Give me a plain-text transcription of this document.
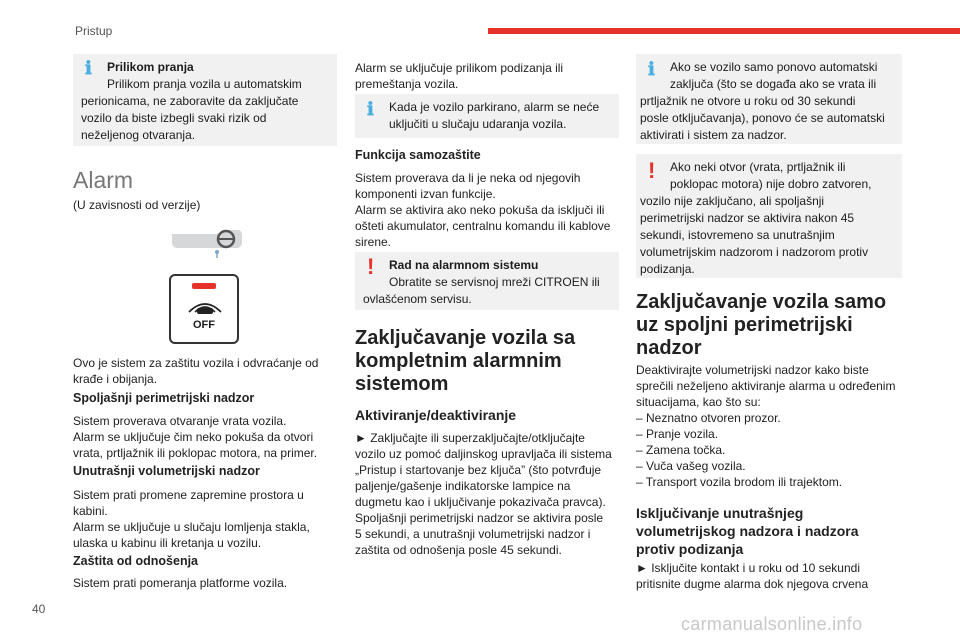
Pristup
40
carmanualsonline.info
ℹ Prilikom pranja
Prilikom pranja vozila u automatskim
perionicama, ne zaboravite da zaključate
vozilo da biste izbegli svaki rizik od
neželjenog otvaranja.
Alarm
(U zavisnosti od verzije)
OFF
Ovo je sistem za zaštitu vozila i odvraćanje od
krađe i obijanja.
Spoljašnji perimetrijski nadzor
Sistem proverava otvaranje vrata vozila.
Alarm se uključuje čim neko pokuša da otvori
vrata, prtljažnik ili poklopac motora, na primer.
Unutrašnji volumetrijski nadzor
Sistem prati promene zapremine prostora u
kabini.
Alarm se uključuje u slučaju lomljenja stakla,
ulaska u kabinu ili kretanja u vozilu.
Zaštita od odnošenja
Sistem prati pomeranja platforme vozila.
Alarm se uključuje prilikom podizanja ili
premeštanja vozila.
ℹ Kada je vozilo parkirano, alarm se neće
uključiti u slučaju udaranja vozila.
Funkcija samozaštite
Sistem proverava da li je neka od njegovih
komponenti izvan funkcije.
Alarm se aktivira ako neko pokuša da isključi ili
ošteti akumulator, centralnu komandu ili kablove
sirene.
! Rad na alarmnom sistemu
Obratite se servisnoj mreži CITROEN ili
ovlašćenom servisu.
Zaključavanje vozila sa
kompletnim alarmnim
sistemom
Aktiviranje/deaktiviranje
► Zaključajte ili superzaključajte/otključajte
vozilo uz pomoć daljinskog upravljača ili sistema
„Pristup i startovanje bez ključa” (što potvrđuje
paljenje/gašenje indikatorske lampice na
dugmetu kao i uključivanje pokazivača pravca).
Spoljašnji perimetrijski nadzor se aktivira posle
5 sekundi, a unutrašnji volumetrijski nadzor i
zaštita od odnošenja posle 45 sekundi.
ℹ Ako se vozilo samo ponovo automatski
zaključa (što se događa ako se vrata ili
prtljažnik ne otvore u roku od 30 sekundi
posle otključavanja), ponovo će se automatski
aktivirati i sistem za nadzor.
! Ako neki otvor (vrata, prtljažnik ili
poklopac motora) nije dobro zatvoren,
vozilo nije zaključano, ali spoljašnji
perimetrijski nadzor se aktivira nakon 45
sekundi, istovremeno sa unutrašnjim
volumetrijskim nadzorom i nadzorom protiv
podizanja.
Zaključavanje vozila samo
uz spoljni perimetrijski
nadzor
Deaktivirajte volumetrijski nadzor kako biste
sprečili neželjeno aktiviranje alarma u određenim
situacijama, kao što su:
– Neznatno otvoren prozor.
– Pranje vozila.
– Zamena točka.
– Vuča vašeg vozila.
– Transport vozila brodom ili trajektom.
Isključivanje unutrašnjeg
volumetrijskog nadzora i nadzora
protiv podizanja
► Isključite kontakt i u roku od 10 sekundi
pritisnite dugme alarma dok njegova crvena
